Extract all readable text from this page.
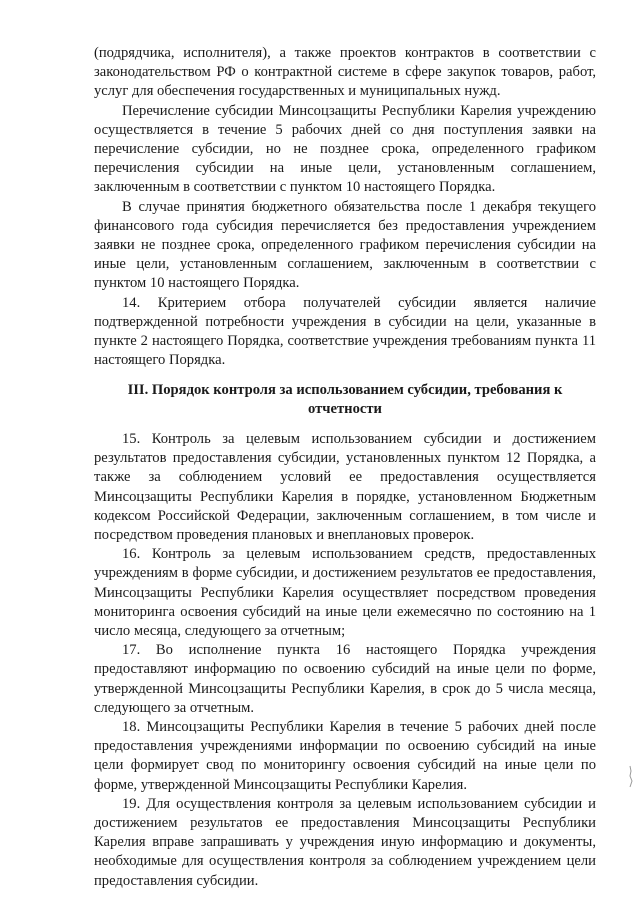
(подрядчика, исполнителя), а также проектов контрактов в соответствии с законодательством РФ о контрактной системе в сфере закупок товаров, работ, услуг для обеспечения государственных и муниципальных нужд.

Перечисление субсидии Минсоцзащиты Республики Карелия учреждению осуществляется в течение 5 рабочих дней со дня поступления заявки на перечисление субсидии, но не позднее срока, определенного графиком перечисления субсидии на иные цели, установленным соглашением, заключенным в соответствии с пунктом 10 настоящего Порядка.

В случае принятия бюджетного обязательства после 1 декабря текущего финансового года субсидия перечисляется без предоставления учреждением заявки не позднее срока, определенного графиком перечисления субсидии на иные цели, установленным соглашением, заключенным в соответствии с пунктом 10 настоящего Порядка.

14. Критерием отбора получателей субсидии является наличие подтвержденной потребности учреждения в субсидии на цели, указанные в пункте 2 настоящего Порядка, соответствие учреждения требованиям пункта 11 настоящего Порядка.

III. Порядок контроля за использованием субсидии, требования к отчетности

15. Контроль за целевым использованием субсидии и достижением результатов предоставления субсидии, установленных пунктом 12 Порядка, а также за соблюдением условий ее предоставления осуществляется Минсоцзащиты Республики Карелия в порядке, установленном Бюджетным кодексом Российской Федерации, заключенным соглашением, в том числе и посредством проведения плановых и внеплановых проверок.

16. Контроль за целевым использованием средств, предоставленных учреждениям в форме субсидии, и достижением результатов ее предоставления, Минсоцзащиты Республики Карелия осуществляет посредством проведения мониторинга освоения субсидий на иные цели ежемесячно по состоянию на 1 число месяца, следующего за отчетным;

17. Во исполнение пункта 16 настоящего Порядка учреждения предоставляют информацию по освоению субсидий на иные цели по форме, утвержденной Минсоцзащиты Республики Карелия, в срок до 5 числа месяца, следующего за отчетным.

18. Минсоцзащиты Республики Карелия в течение 5 рабочих дней после предоставления учреждениями информации по освоению субсидий на иные цели формирует свод по мониторингу освоения субсидий на иные цели по форме, утвержденной Минсоцзащиты Республики Карелия.

19. Для осуществления контроля за целевым использованием субсидии и достижением результатов ее предоставления Минсоцзащиты Республики Карелия вправе запрашивать у учреждения иную информацию и документы, необходимые для осуществления контроля за соблюдением учреждением цели предоставления субсидии.
